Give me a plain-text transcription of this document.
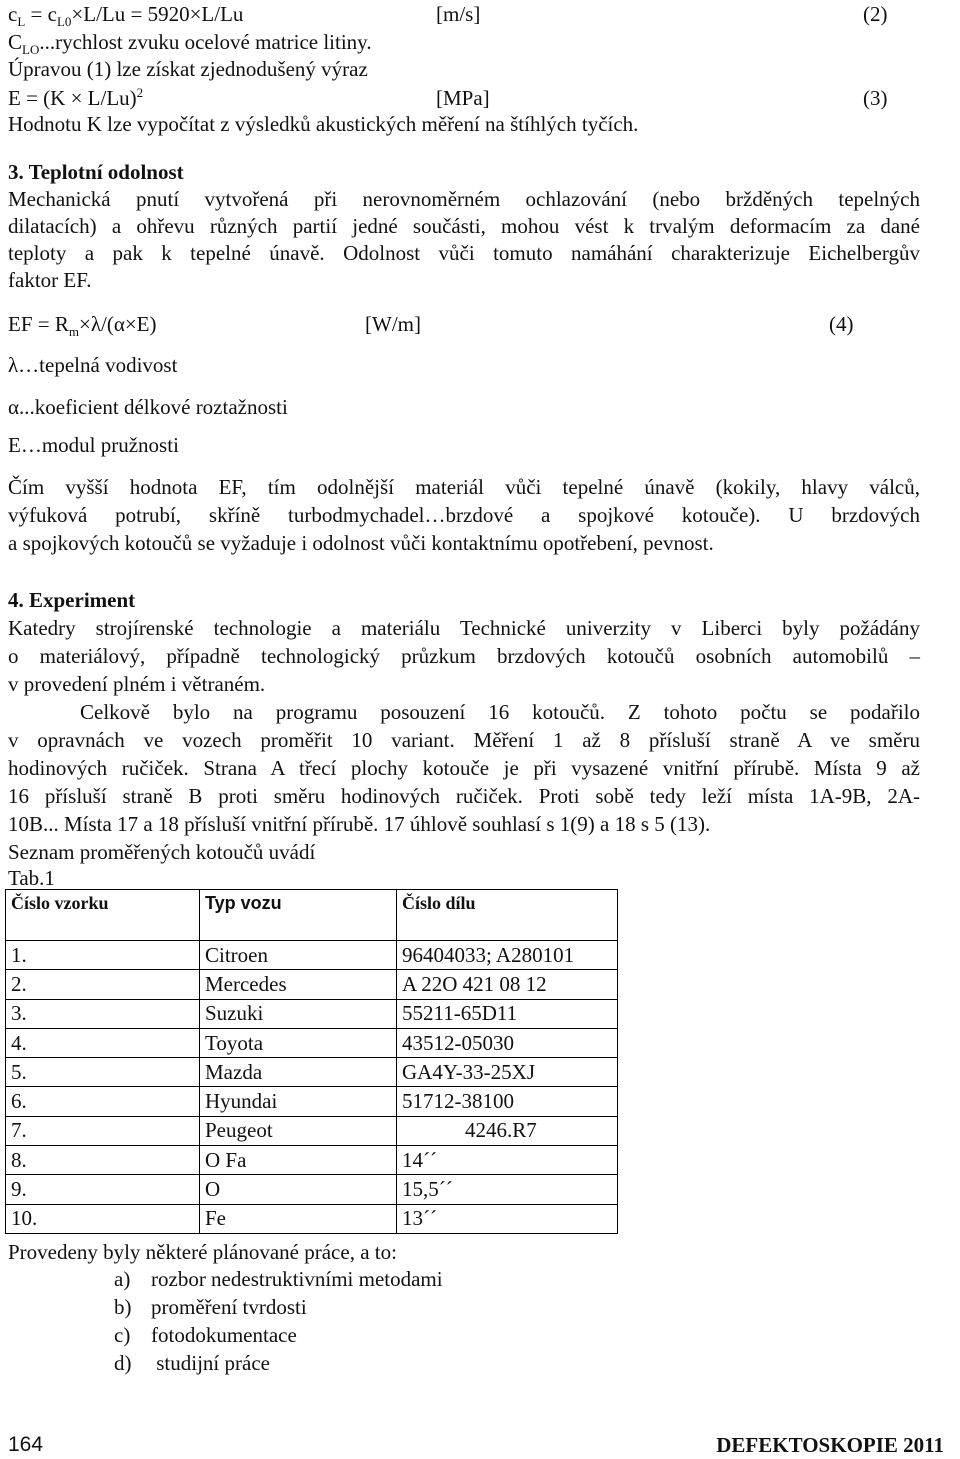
$c_L = c_{L0}\times L/Lu = 5920\times L/Lu$	[m/s]	(2)
$C_{LO}...rychlost$ zvuku ocelové matrice litiny.
Úpravou (1) lze získat zjednodušený výraz
$E = (K \times L/Lu)^2$	[MPa]	(3)
Hodnotu K lze vypočítat z výsledků akustických měření na štíhlých tyčích.
3. Teplotní odolnost
Mechanická pnutí vytvořená při nerovnoměrném ochlazování (nebo bržděných tepelných
dilatacích) a ohřevu různých partií jedné součásti, mohou vést k trvalým deformacím za dané
teploty a pak k tepelné únavě. Odolnost vůči tomuto namáhání charakterizuje Eichelbergův
faktor EF.
EF = $R_m\times\lambda/(\alpha\times E)$	[W/m]	(4)
λ…tepelná vodivost
α...koeficient délkové roztažnosti
E…modul pružnosti
Čím vyšší hodnota EF, tím odolnější materiál vůči tepelné únavě (kokily, hlavy válců,
výfuková potrubí, skříně turbodmychadel…brzdové a spojkové kotouče). U brzdových
a spojkových kotoučů se vyžaduje i odolnost vůči kontaktnímu opotřebení, pevnost.
4. Experiment
Katedry strojírenské technologie a materiálu Technické univerzity v Liberci byly požádány
o materiálový, případně technologický průzkum brzdových kotoučů osobních automobilů –
v provedení plném i větraném.
Celkově bylo na programu posouzení 16 kotoučů. Z tohoto počtu se podařilo
v opravnách ve vozech proměřit 10 variant. Měření 1 až 8 přísluší straně A ve směru
hodinových ručiček. Strana A třecí plochy kotouče je při vysazené vnitřní přírubě. Místa 9 až
16 přísluší straně B proti směru hodinových ručiček. Proti sobě tedy leží místa 1A-9B, 2A-
10B... Místa 17 a 18 přísluší vnitřní přírubě. 17 úhlově souhlasí s 1(9) a 18 s 5 (13).
Seznam proměřených kotoučů uvádí
Tab.1
Číslo vzorku	Typ vozu	Číslo dílu
1.	Citroen	96404033; A280101
2.	Mercedes	A 22O 421 08 12
3.	Suzuki	55211-65D11
4.	Toyota	43512-05030
5.	Mazda	GA4Y-33-25XJ
6.	Hyundai	51712-38100
7.	Peugeot	4246.R7
8.	O Fa	14´´
9.	O	15,5´´
10.	Fe	13´´
Provedeny byly některé plánované práce, a to:
a) rozbor nedestruktivními metodami
b) proměření tvrdosti
c) fotodokumentace
d) studijní práce
164	DEFEKTOSKOPIE 2011
